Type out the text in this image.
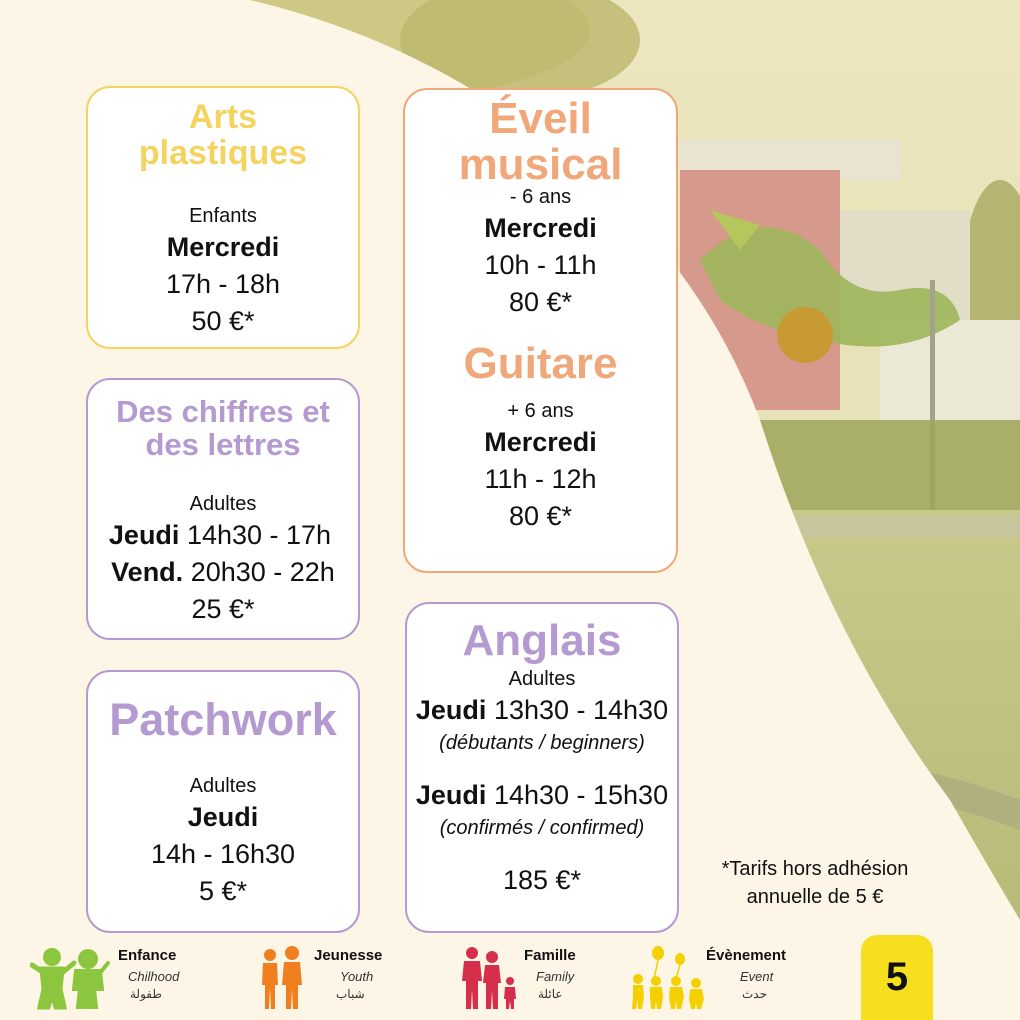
Arts
plastiques
Enfants
Mercredi
17h - 18h
50 €*
Des chiffres et
des lettres
Adultes
Jeudi 14h30 - 17h
Vend. 20h30 - 22h
25 €*
Patchwork
Adultes
Jeudi
14h - 16h30
5 €*
Éveil
musical
- 6 ans
Mercredi
10h - 11h
80 €*
Guitare
+ 6 ans
Mercredi
11h - 12h
80 €*
Anglais
Adultes
Jeudi 13h30 - 14h30
(débutants / beginners)
Jeudi 14h30 - 15h30
(confirmés / confirmed)
185 €*	*Tarifs hors adhésion
annuelle de 5 €
Enfance
Chilhood
طفولة
Jeunesse
Youth
شباب
Famille
Family
عائلة
Évènement
Event
حدث	5
